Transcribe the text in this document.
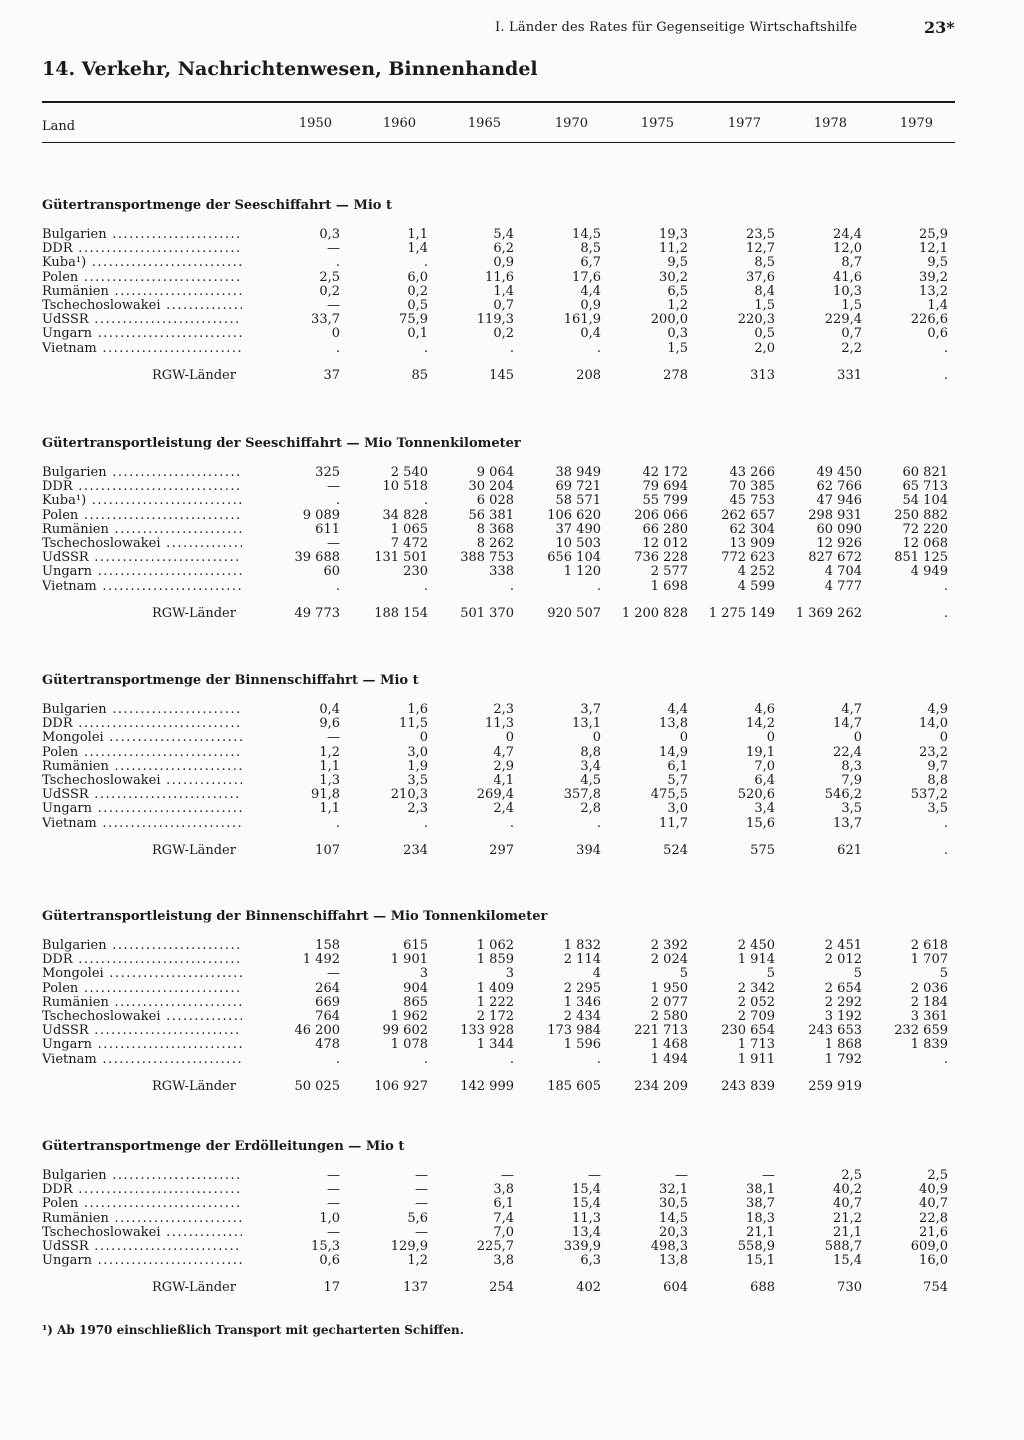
I. Länder des Rates für Gegenseitige Wirtschaftshilfe	23*
14. Verkehr, Nachrichtenwesen, Binnenhandel
Land	1950	1960	1965	1970	1975	1977	1978	1979
Gütertransportmenge der Seeschiffahrt — Mio t
Bulgarien .....	0,3	1,1	5,4	14,5	19,3	23,5	24,4	25,9
DDR .....	—	1,4	6,2	8,5	11,2	12,7	12,0	12,1
Kuba¹) .....	.	.	0,9	6,7	9,5	8,5	8,7	9,5
Polen .....	2,5	6,0	11,6	17,6	30,2	37,6	41,6	39,2
Rumänien .....	0,2	0,2	1,4	4,4	6,5	8,4	10,3	13,2
Tschechoslowakei .....	—	0,5	0,7	0,9	1,2	1,5	1,5	1,4
UdSSR .....	33,7	75,9	119,3	161,9	200,0	220,3	229,4	226,6
Ungarn .....	0	0,1	0,2	0,4	0,3	0,5	0,7	0,6
Vietnam .....	.	.	.	.	1,5	2,0	2,2	.
RGW-Länder	37	85	145	208	278	313	331	.
Gütertransportleistung der Seeschiffahrt — Mio Tonnenkilometer
Bulgarien .....	325	2 540	9 064	38 949	42 172	43 266	49 450	60 821
DDR .....	—	10 518	30 204	69 721	79 694	70 385	62 766	65 713
Kuba¹) .....	.	.	6 028	58 571	55 799	45 753	47 946	54 104
Polen .....	9 089	34 828	56 381	106 620	206 066	262 657	298 931	250 882
Rumänien .....	611	1 065	8 368	37 490	66 280	62 304	60 090	72 220
Tschechoslowakei .....	—	7 472	8 262	10 503	12 012	13 909	12 926	12 068
UdSSR .....	39 688	131 501	388 753	656 104	736 228	772 623	827 672	851 125
Ungarn .....	60	230	338	1 120	2 577	4 252	4 704	4 949
Vietnam .....	.	.	.	.	1 698	4 599	4 777	.
RGW-Länder	49 773	188 154	501 370	920 507	1 200 828	1 275 149	1 369 262	.
Gütertransportmenge der Binnenschiffahrt — Mio t
Bulgarien .....	0,4	1,6	2,3	3,7	4,4	4,6	4,7	4,9
DDR .....	9,6	11,5	11,3	13,1	13,8	14,2	14,7	14,0
Mongolei .....	—	0	0	0	0	0	0	0
Polen .....	1,2	3,0	4,7	8,8	14,9	19,1	22,4	23,2
Rumänien .....	1,1	1,9	2,9	3,4	6,1	7,0	8,3	9,7
Tschechoslowakei .....	1,3	3,5	4,1	4,5	5,7	6,4	7,9	8,8
UdSSR .....	91,8	210,3	269,4	357,8	475,5	520,6	546,2	537,2
Ungarn .....	1,1	2,3	2,4	2,8	3,0	3,4	3,5	3,5
Vietnam .....	.	.	.	.	11,7	15,6	13,7	.
RGW-Länder	107	234	297	394	524	575	621	.
Gütertransportleistung der Binnenschiffahrt — Mio Tonnenkilometer
Bulgarien .....	158	615	1 062	1 832	2 392	2 450	2 451	2 618
DDR .....	1 492	1 901	1 859	2 114	2 024	1 914	2 012	1 707
Mongolei .....	—	3	3	4	5	5	5	5
Polen .....	264	904	1 409	2 295	1 950	2 342	2 654	2 036
Rumänien .....	669	865	1 222	1 346	2 077	2 052	2 292	2 184
Tschechoslowakei .....	764	1 962	2 172	2 434	2 580	2 709	3 192	3 361
UdSSR .....	46 200	99 602	133 928	173 984	221 713	230 654	243 653	232 659
Ungarn .....	478	1 078	1 344	1 596	1 468	1 713	1 868	1 839
Vietnam .....	.	.	.	.	1 494	1 911	1 792	.
RGW-Länder	50 025	106 927	142 999	185 605	234 209	243 839	259 919
Gütertransportmenge der Erdölleitungen — Mio t
Bulgarien .....	—	—	—	—	—	—	2,5	2,5
DDR .....	—	—	3,8	15,4	32,1	38,1	40,2	40,9
Polen .....	—	—	6,1	15,4	30,5	38,7	40,7	40,7
Rumänien .....	1,0	5,6	7,4	11,3	14,5	18,3	21,2	22,8
Tschechoslowakei .....	—	—	7,0	13,4	20,3	21,1	21,1	21,6
UdSSR .....	15,3	129,9	225,7	339,9	498,3	558,9	588,7	609,0
Ungarn .....	0,6	1,2	3,8	6,3	13,8	15,1	15,4	16,0
RGW-Länder	17	137	254	402	604	688	730	754
¹) Ab 1970 einschließlich Transport mit gecharterten Schiffen.
